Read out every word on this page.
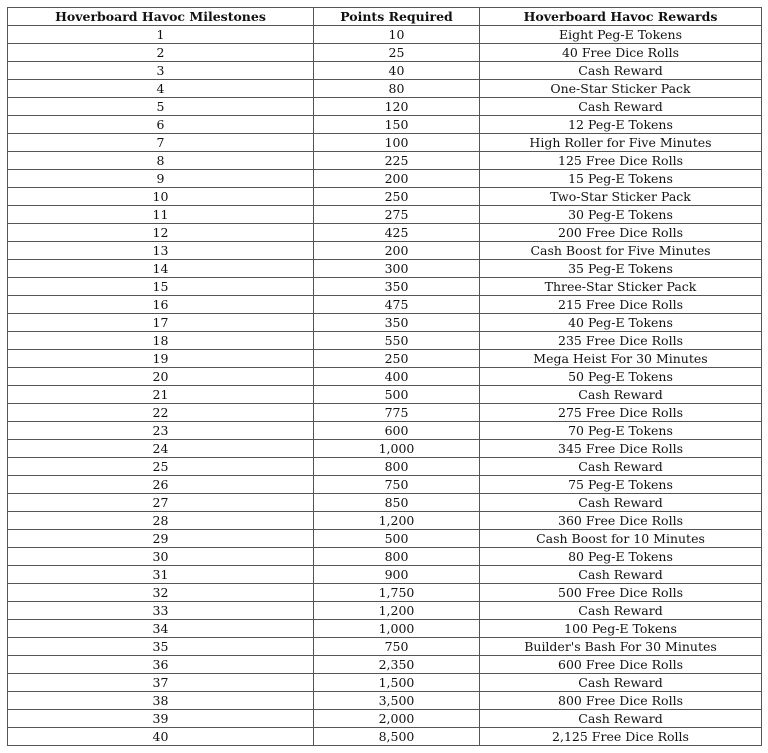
Hoverboard Havoc Milestones	Points Required	Hoverboard Havoc Rewards
1	10	Eight Peg-E Tokens
2	25	40 Free Dice Rolls
3	40	Cash Reward
4	80	One-Star Sticker Pack
5	120	Cash Reward
6	150	12 Peg-E Tokens
7	100	High Roller for Five Minutes
8	225	125 Free Dice Rolls
9	200	15 Peg-E Tokens
10	250	Two-Star Sticker Pack
11	275	30 Peg-E Tokens
12	425	200 Free Dice Rolls
13	200	Cash Boost for Five Minutes
14	300	35 Peg-E Tokens
15	350	Three-Star Sticker Pack
16	475	215 Free Dice Rolls
17	350	40 Peg-E Tokens
18	550	235 Free Dice Rolls
19	250	Mega Heist For 30 Minutes
20	400	50 Peg-E Tokens
21	500	Cash Reward
22	775	275 Free Dice Rolls
23	600	70 Peg-E Tokens
24	1,000	345 Free Dice Rolls
25	800	Cash Reward
26	750	75 Peg-E Tokens
27	850	Cash Reward
28	1,200	360 Free Dice Rolls
29	500	Cash Boost for 10 Minutes
30	800	80 Peg-E Tokens
31	900	Cash Reward
32	1,750	500 Free Dice Rolls
33	1,200	Cash Reward
34	1,000	100 Peg-E Tokens
35	750	Builder's Bash For 30 Minutes
36	2,350	600 Free Dice Rolls
37	1,500	Cash Reward
38	3,500	800 Free Dice Rolls
39	2,000	Cash Reward
40	8,500	2,125 Free Dice Rolls
